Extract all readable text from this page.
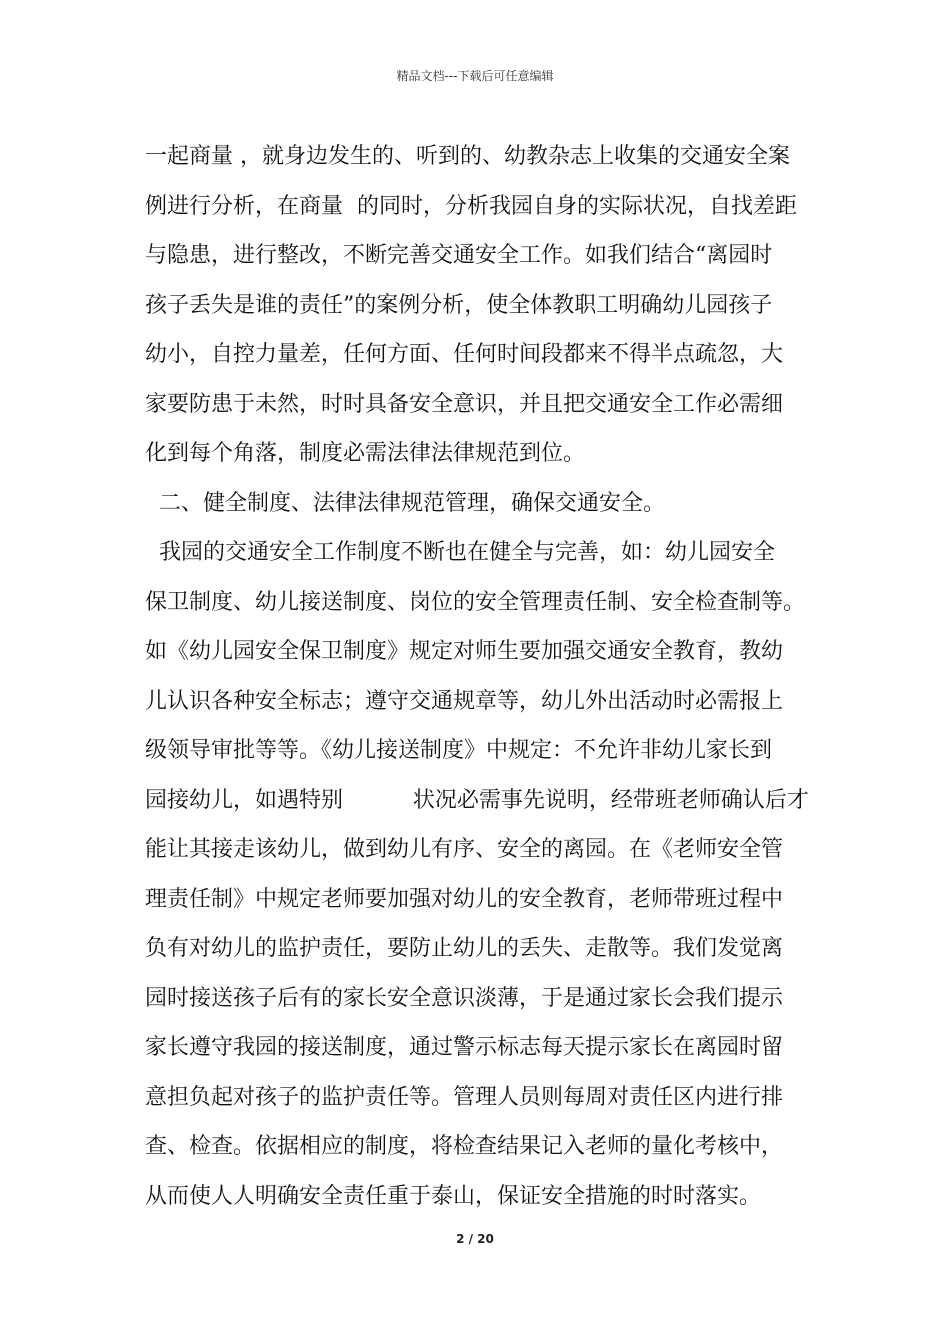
精品文档---下载后可任意编辑
一起商量 ，就身边发生的、听到的、幼教杂志上收集的交通安全案
例进行分析，在商量  的同时，分析我园自身的实际状况，自找差距
与隐患，进行整改，不断完善交通安全工作。如我们结合“离园时
孩子丢失是谁的责任”的案例分析，使全体教职工明确幼儿园孩子
幼小，自控力量差，任何方面、任何时间段都来不得半点疏忽，大
家要防患于未然，时时具备安全意识，并且把交通安全工作必需细
化到每个角落，制度必需法律法律规范到位。
二、健全制度、法律法律规范管理，确保交通安全。
我园的交通安全工作制度不断也在健全与完善，如：幼儿园安全
保卫制度、幼儿接送制度、岗位的安全管理责任制、安全检查制等。
如《幼儿园安全保卫制度》规定对师生要加强交通安全教育，教幼
儿认识各种安全标志；遵守交通规章等，幼儿外出活动时必需报上
级领导审批等等。《幼儿接送制度》中规定：不允许非幼儿家长到
园接幼儿，如遇特别          状况必需事先说明，经带班老师确认后才
能让其接走该幼儿，做到幼儿有序、安全的离园。在《老师安全管
理责任制》中规定老师要加强对幼儿的安全教育，老师带班过程中
负有对幼儿的监护责任，要防止幼儿的丢失、走散等。我们发觉离
园时接送孩子后有的家长安全意识淡薄，于是通过家长会我们提示
家长遵守我园的接送制度，通过警示标志每天提示家长在离园时留
意担负起对孩子的监护责任等。管理人员则每周对责任区内进行排
查、检查。依据相应的制度，将检查结果记入老师的量化考核中，
从而使人人明确安全责任重于泰山，保证安全措施的时时落实。
2 / 20
